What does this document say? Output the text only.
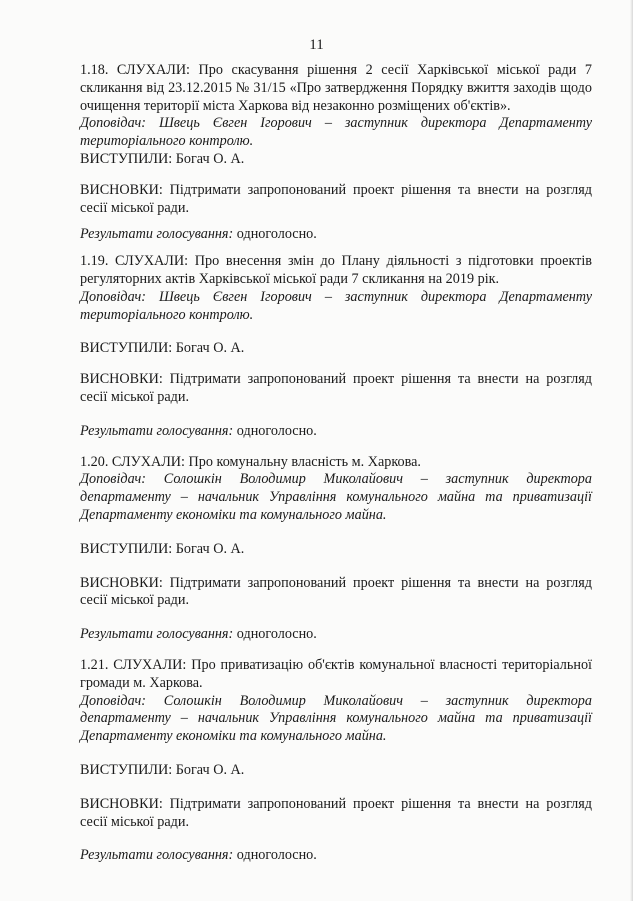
11

1.18. СЛУХАЛИ: Про скасування рішення 2 сесії Харківської міської ради 7 скликання від 23.12.2015 № 31/15 «Про затвердження Порядку вжиття заходів щодо очищення території міста Харкова від незаконно розміщених об'єктів».

Доповідач: Швець Євген Ігорович – заступник директора Департаменту територіального контролю.

ВИСТУПИЛИ: Богач О. А.

ВИСНОВКИ: Підтримати запропонований проект рішення та внести на розгляд сесії міської ради.

Результати голосування: одноголосно.

1.19. СЛУХАЛИ: Про внесення змін до Плану діяльності з підготовки проектів регуляторних актів Харківської міської ради 7 скликання на 2019 рік.

Доповідач: Швець Євген Ігорович – заступник директора Департаменту територіального контролю.

ВИСТУПИЛИ: Богач О. А.

ВИСНОВКИ: Підтримати запропонований проект рішення та внести на розгляд сесії міської ради.

Результати голосування: одноголосно.

1.20. СЛУХАЛИ: Про комунальну власність м. Харкова.

Доповідач: Солошкін Володимир Миколайович – заступник директора департаменту – начальник Управління комунального майна та приватизації Департаменту економіки та комунального майна.

ВИСТУПИЛИ: Богач О. А.

ВИСНОВКИ: Підтримати запропонований проект рішення та внести на розгляд сесії міської ради.

Результати голосування: одноголосно.

1.21. СЛУХАЛИ: Про приватизацію об'єктів комунальної власності територіальної громади м. Харкова.

Доповідач: Солошкін Володимир Миколайович – заступник директора департаменту – начальник Управління комунального майна та приватизації Департаменту економіки та комунального майна.

ВИСТУПИЛИ: Богач О. А.

ВИСНОВКИ: Підтримати запропонований проект рішення та внести на розгляд сесії міської ради.

Результати голосування: одноголосно.
